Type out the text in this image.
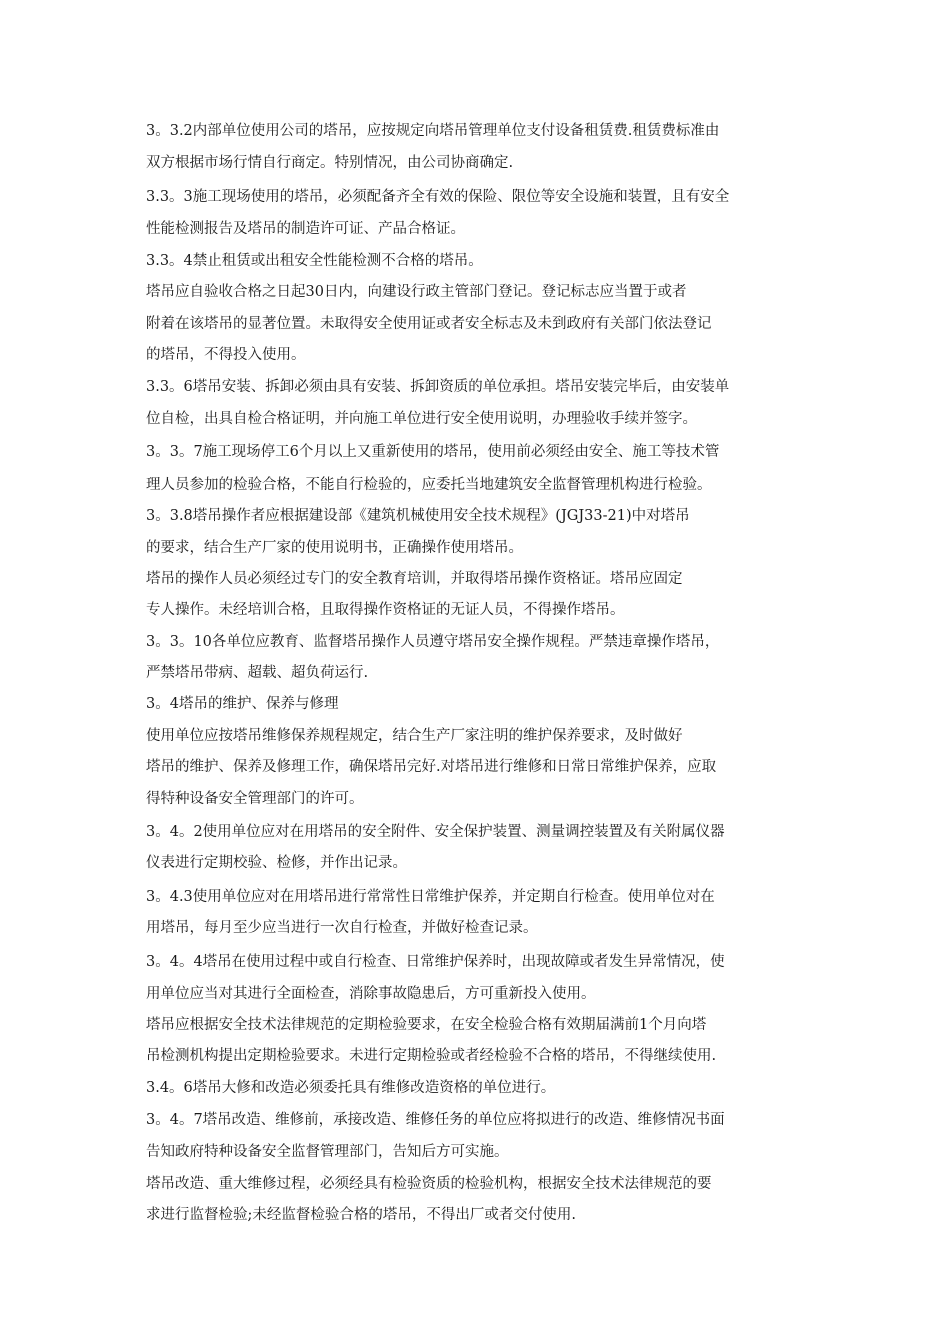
3。3.2内部单位使用公司的塔吊，应按规定向塔吊管理单位支付设备租赁费.租赁费标准由
双方根据市场行情自行商定。特别情况，由公司协商确定.
3.3。3施工现场使用的塔吊，必须配备齐全有效的保险、限位等安全设施和装置，且有安全
性能检测报告及塔吊的制造许可证、产品合格证。
3.3。4禁止租赁或出租安全性能检测不合格的塔吊。
塔吊应自验收合格之日起30日内，向建设行政主管部门登记。登记标志应当置于或者
附着在该塔吊的显著位置。未取得安全使用证或者安全标志及未到政府有关部门依法登记
的塔吊，不得投入使用。
3.3。6塔吊安装、拆卸必须由具有安装、拆卸资质的单位承担。塔吊安装完毕后，由安装单
位自检，出具自检合格证明，并向施工单位进行安全使用说明，办理验收手续并签字。
3。3。7施工现场停工6个月以上又重新使用的塔吊，使用前必须经由安全、施工等技术管
理人员参加的检验合格，不能自行检验的，应委托当地建筑安全监督管理机构进行检验。
3。3.8塔吊操作者应根据建设部《建筑机械使用安全技术规程》(JGJ33-21)中对塔吊
的要求，结合生产厂家的使用说明书，正确操作使用塔吊。
塔吊的操作人员必须经过专门的安全教育培训，并取得塔吊操作资格证。塔吊应固定
专人操作。未经培训合格，且取得操作资格证的无证人员，不得操作塔吊。
3。3。10各单位应教育、监督塔吊操作人员遵守塔吊安全操作规程。严禁违章操作塔吊，
严禁塔吊带病、超载、超负荷运行.
3。4塔吊的维护、保养与修理
使用单位应按塔吊维修保养规程规定，结合生产厂家注明的维护保养要求，及时做好
塔吊的维护、保养及修理工作，确保塔吊完好.对塔吊进行维修和日常日常维护保养，应取
得特种设备安全管理部门的许可。
3。4。2使用单位应对在用塔吊的安全附件、安全保护装置、测量调控装置及有关附属仪器
仪表进行定期校验、检修，并作出记录。
3。4.3使用单位应对在用塔吊进行常常性日常维护保养，并定期自行检查。使用单位对在
用塔吊，每月至少应当进行一次自行检查，并做好检查记录。
3。4。4塔吊在使用过程中或自行检查、日常维护保养时，出现故障或者发生异常情况，使
用单位应当对其进行全面检查，消除事故隐患后，方可重新投入使用。
塔吊应根据安全技术法律规范的定期检验要求，在安全检验合格有效期届满前1个月向塔
吊检测机构提出定期检验要求。未进行定期检验或者经检验不合格的塔吊，不得继续使用.
3.4。6塔吊大修和改造必须委托具有维修改造资格的单位进行。
3。4。7塔吊改造、维修前，承接改造、维修任务的单位应将拟进行的改造、维修情况书面
告知政府特种设备安全监督管理部门，告知后方可实施。
塔吊改造、重大维修过程，必须经具有检验资质的检验机构，根据安全技术法律规范的要
求进行监督检验;未经监督检验合格的塔吊，不得出厂或者交付使用.
